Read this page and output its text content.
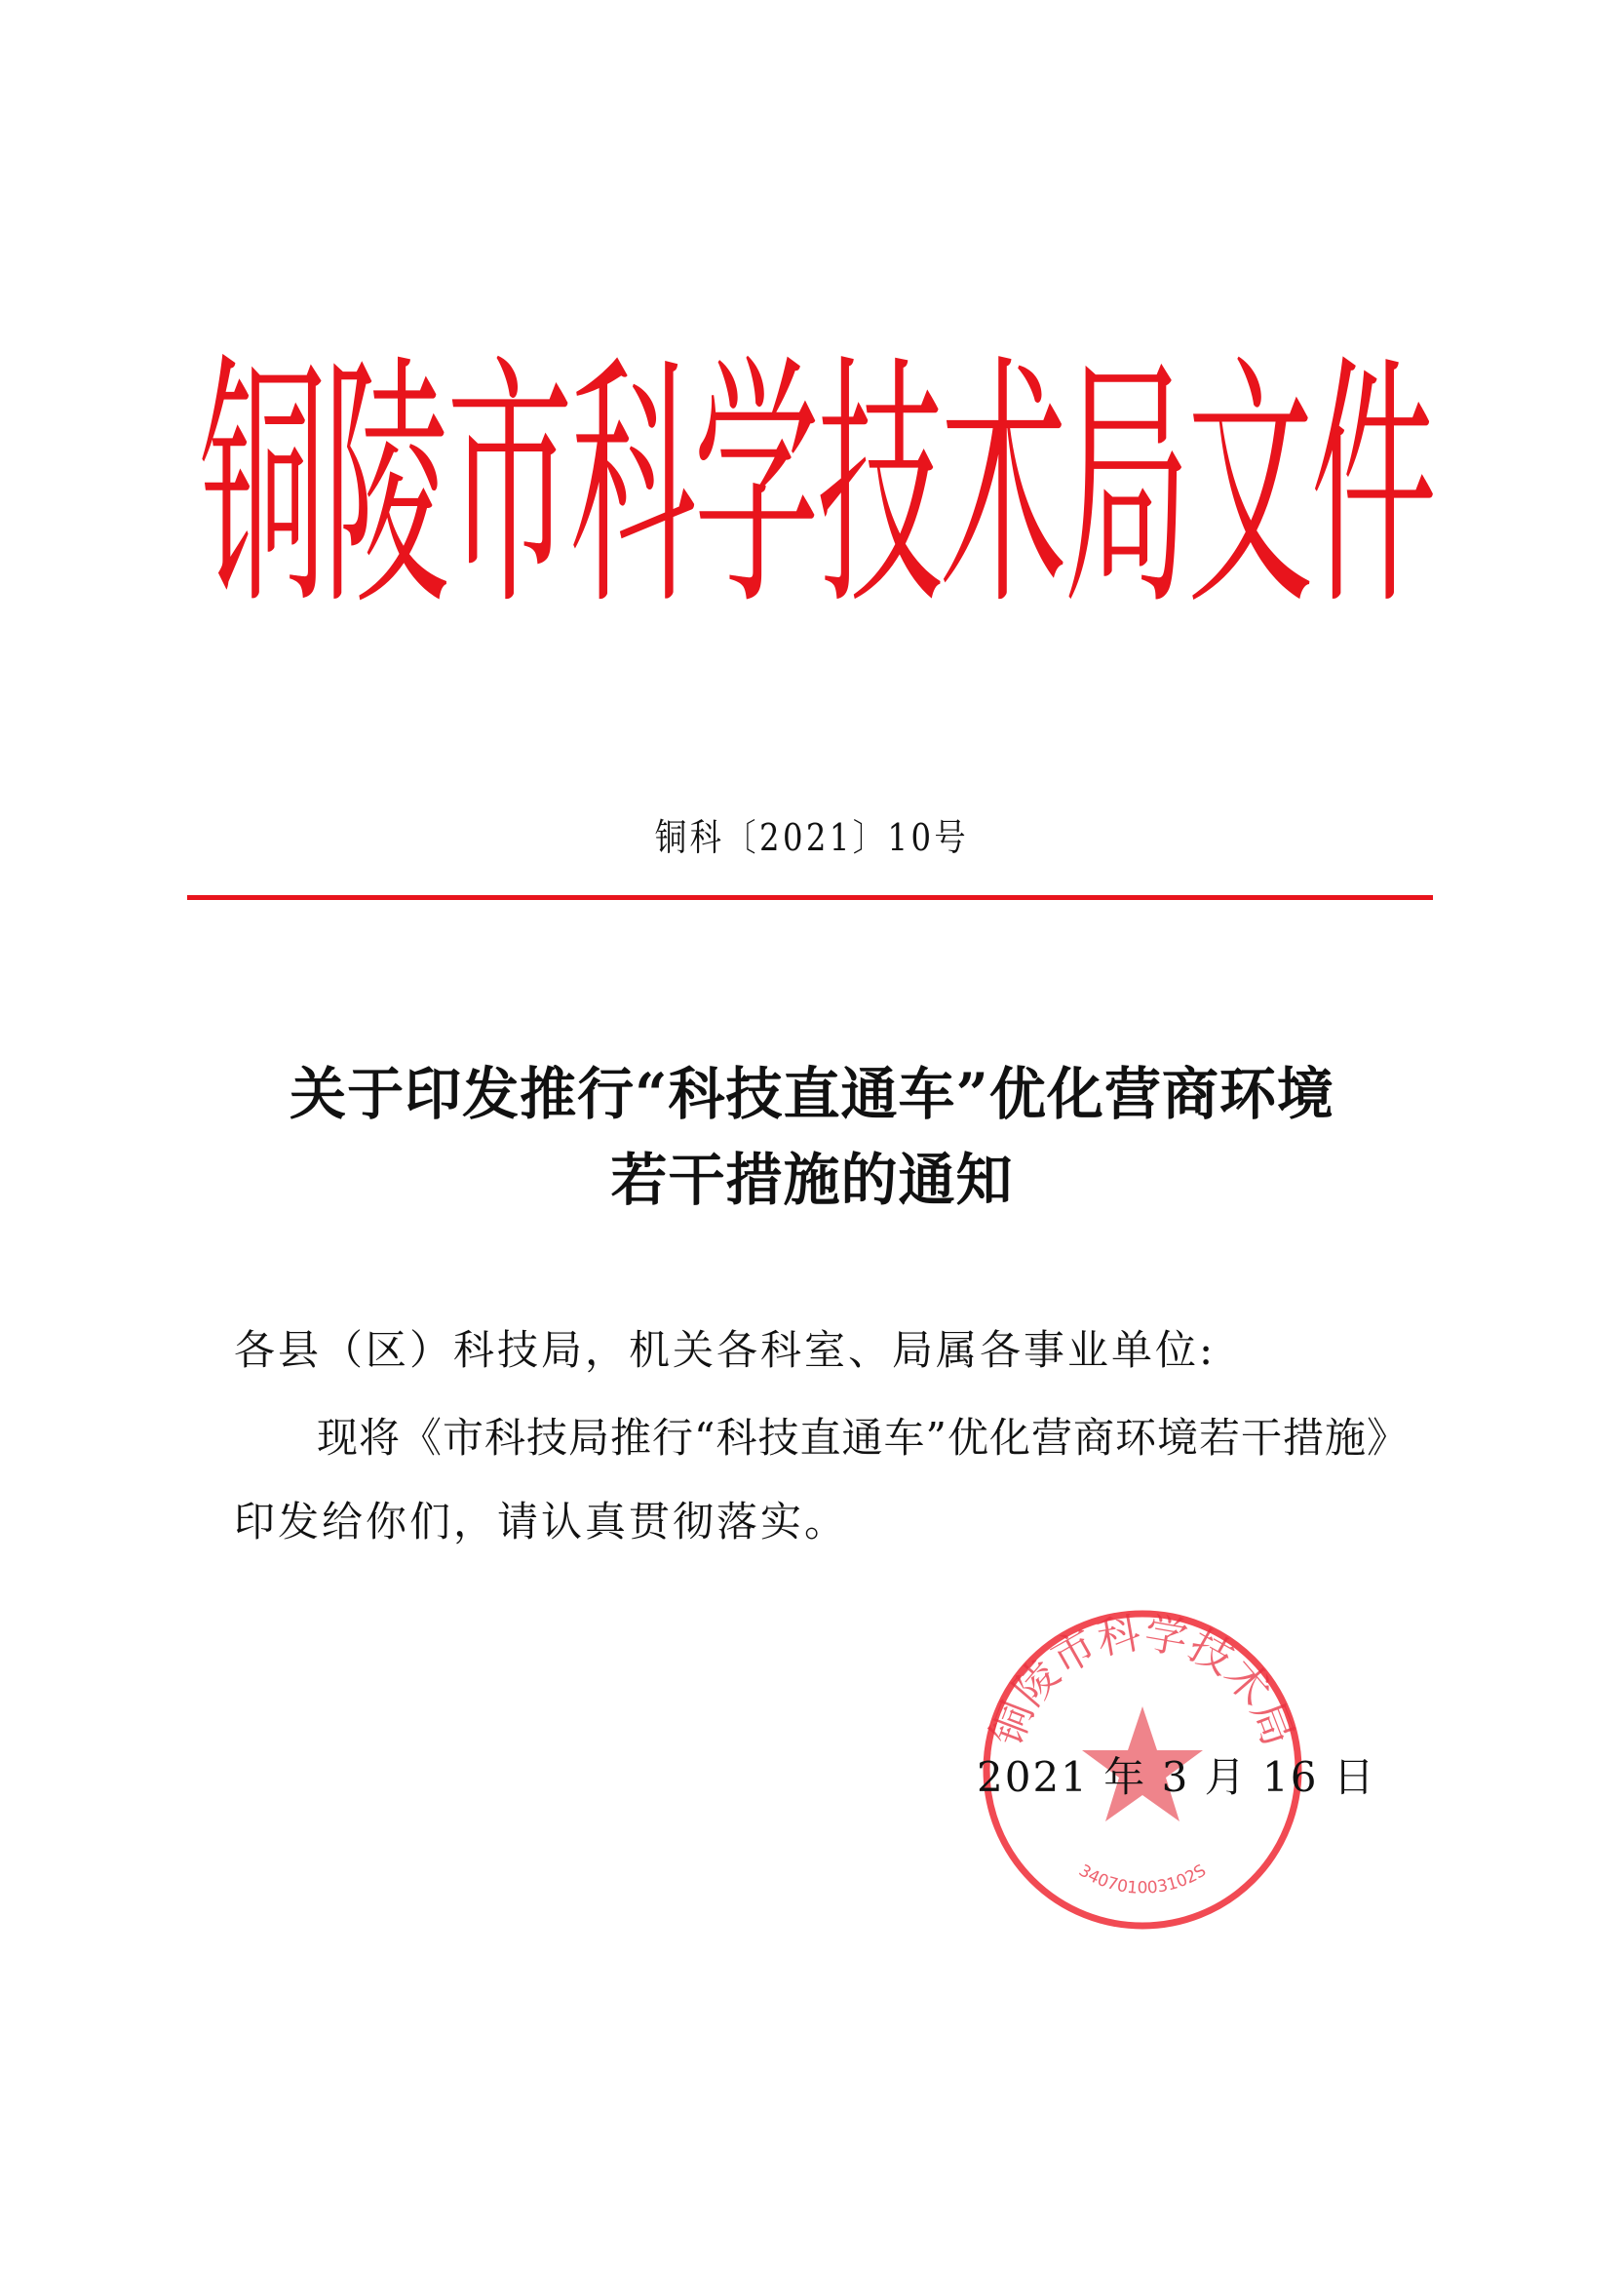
铜陵市科学技术局文件
铜科〔2021〕10号
关于印发推行“科技直通车”优化营商环境
若干措施的通知
各县（区）科技局，机关各科室、局属各事业单位:
现将《市科技局推行“科技直通车”优化营商环境若干措施》
印发给你们，请认真贯彻落实。
铜陵市科学技术局
340701003102S
2021 年 3 月 16 日
